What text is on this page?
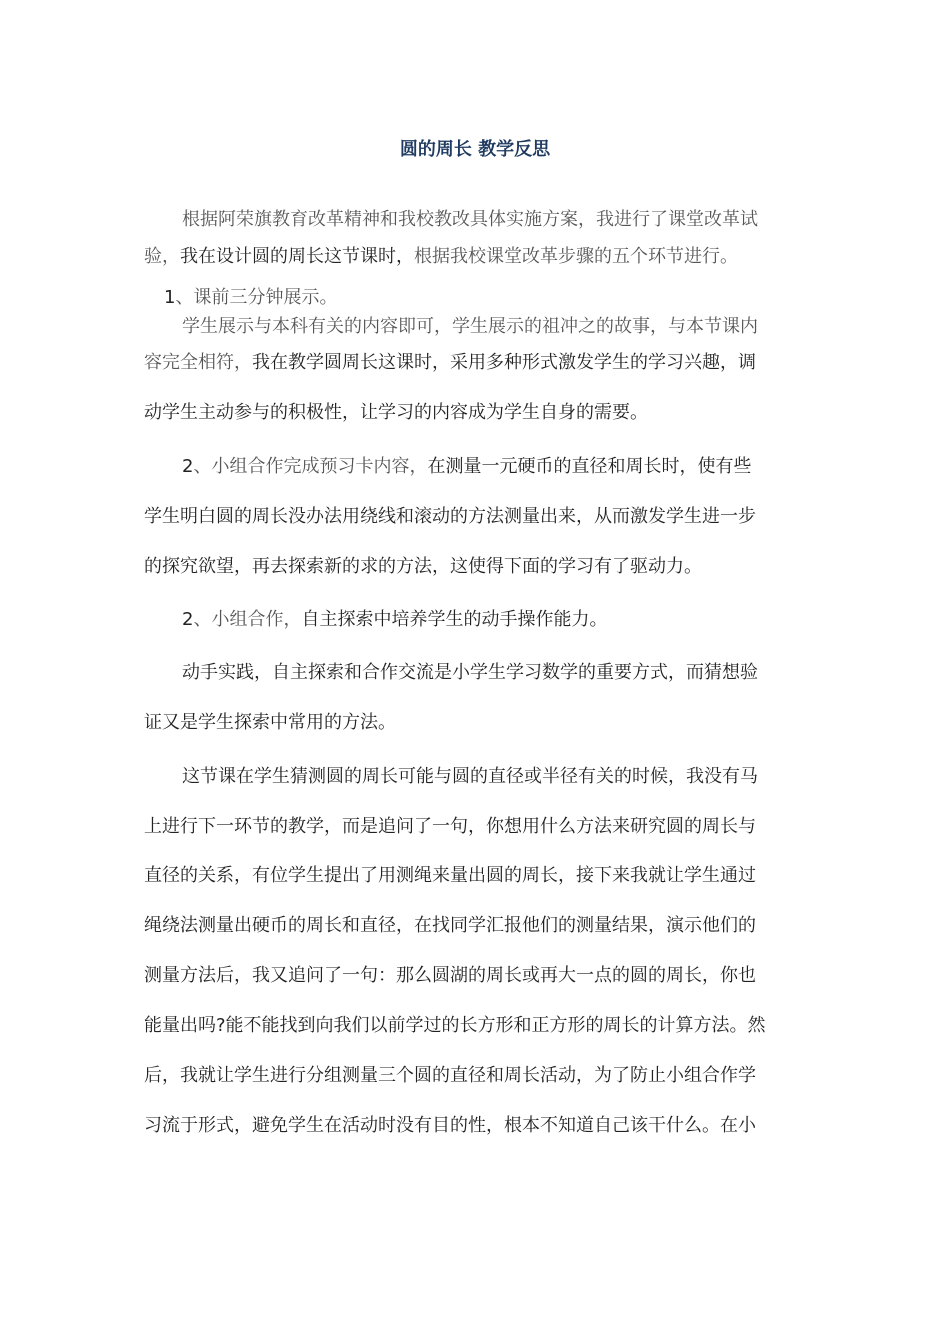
圆的周长 教学反思
根据阿荣旗教育改革精神和我校教改具体实施方案，我进行了课堂改革试
验，我在设计圆的周长这节课时，根据我校课堂改革步骤的五个环节进行。
1、课前三分钟展示。
学生展示与本科有关的内容即可，学生展示的祖冲之的故事，与本节课内
容完全相符，我在教学圆周长这课时，采用多种形式激发学生的学习兴趣，调
动学生主动参与的积极性，让学习的内容成为学生自身的需要。
2、小组合作完成预习卡内容，在测量一元硬币的直径和周长时，使有些
学生明白圆的周长没办法用绕线和滚动的方法测量出来，从而激发学生进一步
的探究欲望，再去探索新的求的方法，这使得下面的学习有了驱动力。
2、小组合作，自主探索中培养学生的动手操作能力。
动手实践，自主探索和合作交流是小学生学习数学的重要方式，而猜想验
证又是学生探索中常用的方法。
这节课在学生猜测圆的周长可能与圆的直径或半径有关的时候，我没有马
上进行下一环节的教学，而是追问了一句，你想用什么方法来研究圆的周长与
直径的关系，有位学生提出了用测绳来量出圆的周长，接下来我就让学生通过
绳绕法测量出硬币的周长和直径，在找同学汇报他们的测量结果，演示他们的
测量方法后，我又追问了一句：那么圆湖的周长或再大一点的圆的周长，你也
能量出吗?能不能找到向我们以前学过的长方形和正方形的周长的计算方法。然
后，我就让学生进行分组测量三个圆的直径和周长活动，为了防止小组合作学
习流于形式，避免学生在活动时没有目的性，根本不知道自己该干什么。在小
